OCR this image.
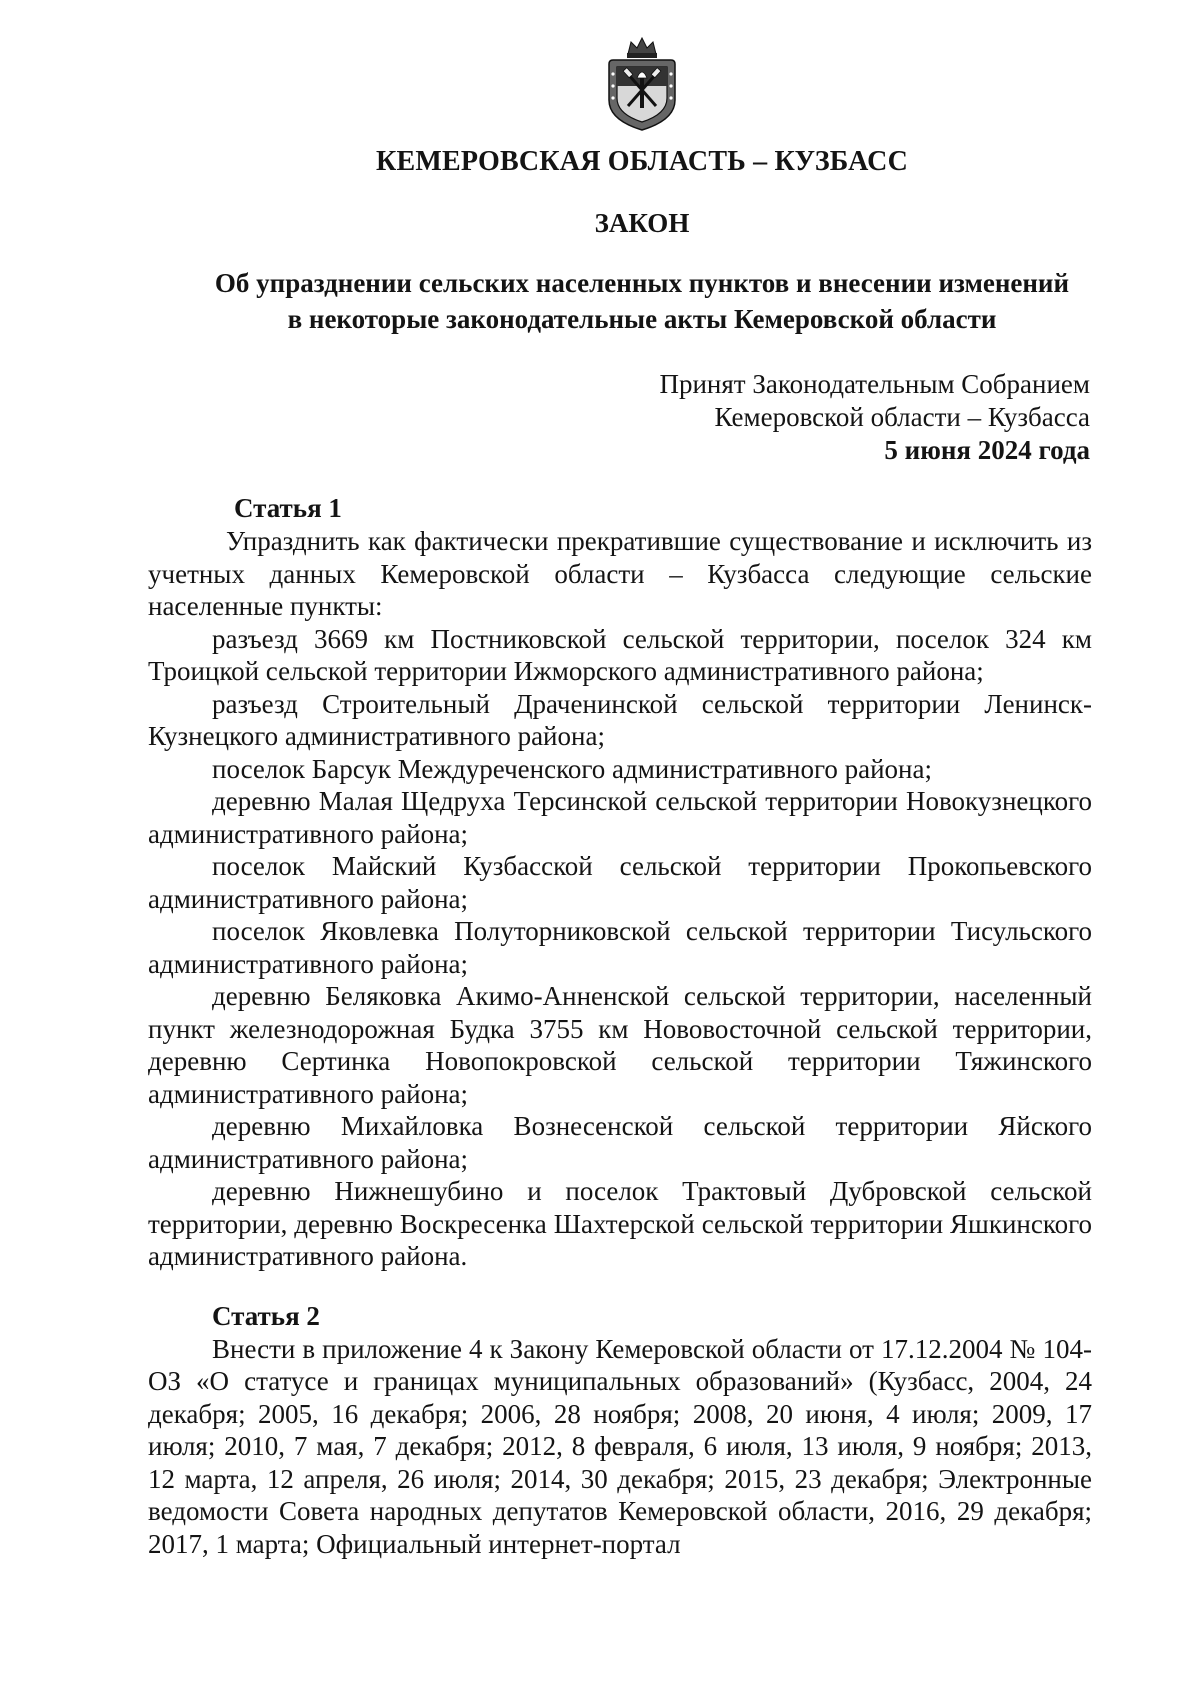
КЕМЕРОВСКАЯ ОБЛАСТЬ – КУЗБАСС
ЗАКОН
Об упразднении сельских населенных пунктов и внесении изменений
в некоторые законодательные акты Кемеровской области
Принят Законодательным Собранием
Кемеровской области – Кузбасса
5 июня 2024 года
Статья 1

Упразднить как фактически прекратившие существование и исключить из учетных данных Кемеровской области – Кузбасса следующие сельские населенные пункты:

разъезд 3669 км Постниковской сельской территории, поселок 324 км Троицкой сельской территории Ижморского административного района;

разъезд Строительный Драченинской сельской территории Ленинск-Кузнецкого административного района;

поселок Барсук Междуреченского административного района;

деревню Малая Щедруха Терсинской сельской территории Новокузнецкого административного района;

поселок Майский Кузбасской сельской территории Прокопьевского административного района;

поселок Яковлевка Полуторниковской сельской территории Тисульского административного района;

деревню Беляковка Акимо-Анненской сельской территории, населенный пункт железнодорожная Будка 3755 км Нововосточной сельской территории, деревню Сертинка Новопокровской сельской территории Тяжинского административного района;

деревню Михайловка Вознесенской сельской территории Яйского административного района;

деревню Нижнешубино и поселок Трактовый Дубровской сельской территории, деревню Воскресенка Шахтерской сельской территории Яшкинского административного района.

Статья 2

Внести в приложение 4 к Закону Кемеровской области от 17.12.2004 № 104-ОЗ «О статусе и границах муниципальных образований» (Кузбасс, 2004, 24 декабря; 2005, 16 декабря; 2006, 28 ноября; 2008, 20 июня, 4 июля; 2009, 17 июля; 2010, 7 мая, 7 декабря; 2012, 8 февраля, 6 июля, 13 июля, 9 ноября; 2013, 12 марта, 12 апреля, 26 июля; 2014, 30 декабря; 2015, 23 декабря; Электронные ведомости Совета народных депутатов Кемеровской области, 2016, 29 декабря; 2017, 1 марта; Официальный интернет-портал
